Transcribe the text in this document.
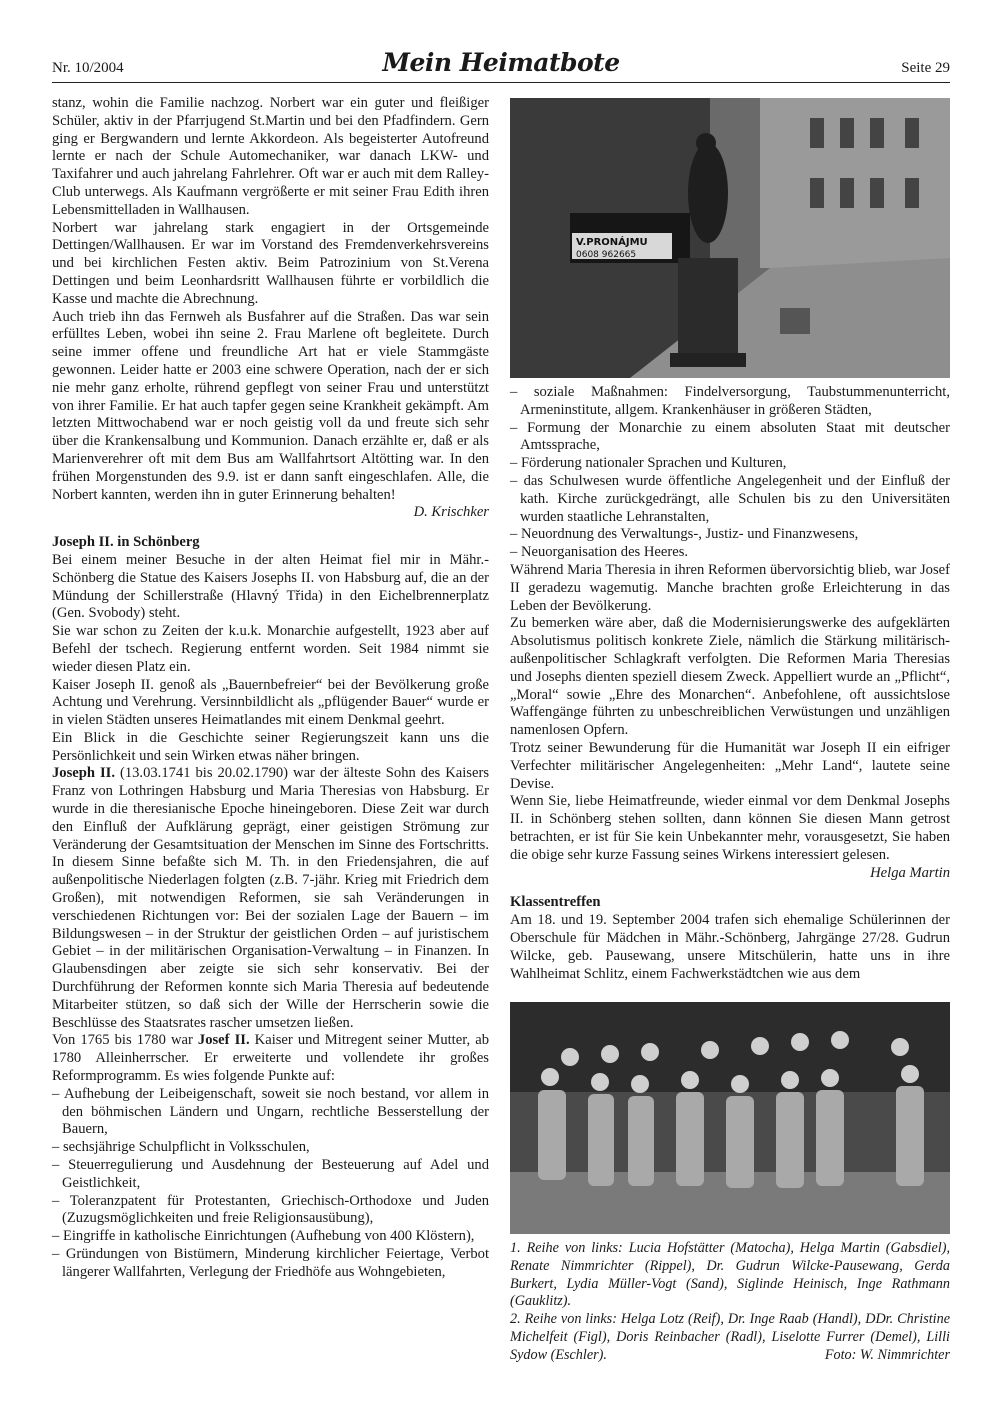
Nr. 10/2004	Mein Heimatbote	Seite 29

stanz, wohin die Familie nachzog. Norbert war ein guter und fleißiger Schüler, aktiv in der Pfarrjugend St.Martin und bei den Pfadfindern. Gern ging er Bergwandern und lernte Akkordeon. Als begeisterter Autofreund lernte er nach der Schule Automechaniker, war danach LKW- und Taxifahrer und auch jahrelang Fahrlehrer. Oft war er auch mit dem Ralley-Club unterwegs. Als Kaufmann vergrößerte er mit seiner Frau Edith ihren Lebensmittelladen in Wallhausen.

Norbert war jahrelang stark engagiert in der Ortsgemeinde Dettingen/Wallhausen. Er war im Vorstand des Fremdenverkehrsvereins und bei kirchlichen Festen aktiv. Beim Patrozinium von St.Verena Dettingen und beim Leonhardsritt Wallhausen führte er vorbildlich die Kasse und machte die Abrechnung.

Auch trieb ihn das Fernweh als Busfahrer auf die Straßen. Das war sein erfülltes Leben, wobei ihn seine 2. Frau Marlene oft begleitete. Durch seine immer offene und freundliche Art hat er viele Stammgäste gewonnen. Leider hatte er 2003 eine schwere Operation, nach der er sich nie mehr ganz erholte, rührend gepflegt von seiner Frau und unterstützt von ihrer Familie. Er hat auch tapfer gegen seine Krankheit gekämpft. Am letzten Mittwochabend war er noch geistig voll da und freute sich sehr über die Krankensalbung und Kommunion. Danach erzählte er, daß er als Marienverehrer oft mit dem Bus am Wallfahrtsort Altötting war. In den frühen Morgenstunden des 9.9. ist er dann sanft eingeschlafen. Alle, die Norbert kannten, werden ihn in guter Erinnerung behalten!

D. Krischker

Joseph II. in Schönberg

Bei einem meiner Besuche in der alten Heimat fiel mir in Mähr.-Schönberg die Statue des Kaisers Josephs II. von Habsburg auf, die an der Mündung der Schillerstraße (Hlavný Třida) in den Eichelbrennerplatz (Gen. Svobody) steht.

Sie war schon zu Zeiten der k.u.k. Monarchie aufgestellt, 1923 aber auf Befehl der tschech. Regierung entfernt worden. Seit 1984 nimmt sie wieder diesen Platz ein.

Kaiser Joseph II. genoß als „Bauernbefreier“ bei der Bevölkerung große Achtung und Verehrung. Versinnbildlicht als „pflügender Bauer“ wurde er in vielen Städten unseres Heimatlandes mit einem Denkmal geehrt.

Ein Blick in die Geschichte seiner Regierungszeit kann uns die Persönlichkeit und sein Wirken etwas näher bringen.

Joseph II. (13.03.1741 bis 20.02.1790) war der älteste Sohn des Kaisers Franz von Lothringen Habsburg und Maria Theresias von Habsburg. Er wurde in die theresianische Epoche hineingeboren. Diese Zeit war durch den Einfluß der Aufklärung geprägt, einer geistigen Strömung zur Veränderung der Gesamtsituation der Menschen im Sinne des Fortschritts. In diesem Sinne befaßte sich M. Th. in den Friedensjahren, die auf außenpolitische Niederlagen folgten (z.B. 7-jähr. Krieg mit Friedrich dem Großen), mit notwendigen Reformen, sie sah Veränderungen in verschiedenen Richtungen vor: Bei der sozialen Lage der Bauern – im Bildungswesen – in der Struktur der geistlichen Orden – auf juristischem Gebiet – in der militärischen Organisation-Verwaltung – in Finanzen. In Glaubensdingen aber zeigte sie sich sehr konservativ. Bei der Durchführung der Reformen konnte sich Maria Theresia auf bedeutende Mitarbeiter stützen, so daß sich der Wille der Herrscherin sowie die Beschlüsse des Staatsrates rascher umsetzen ließen.

Von 1765 bis 1780 war Josef II. Kaiser und Mitregent seiner Mutter, ab 1780 Alleinherrscher. Er erweiterte und vollendete ihr großes Reformprogramm. Es wies folgende Punkte auf:

– Aufhebung der Leibeigenschaft, soweit sie noch bestand, vor allem in den böhmischen Ländern und Ungarn, rechtliche Besserstellung der Bauern,

– sechsjährige Schulpflicht in Volksschulen,

– Steuerregulierung und Ausdehnung der Besteuerung auf Adel und Geistlichkeit,

– Toleranzpatent für Protestanten, Griechisch-Orthodoxe und Juden (Zuzugsmöglichkeiten und freie Religionsausübung),

– Eingriffe in katholische Einrichtungen (Aufhebung von 400 Klöstern),

– Gründungen von Bistümern, Minderung kirchlicher Feiertage, Verbot längerer Wallfahrten, Verlegung der Friedhöfe aus Wohngebieten,

V.PRONÁJMU
0608 962665

– soziale Maßnahmen: Findelversorgung, Taubstummenunterricht, Armeninstitute, allgem. Krankenhäuser in größeren Städten,

– Formung der Monarchie zu einem absoluten Staat mit deutscher Amtssprache,

– Förderung nationaler Sprachen und Kulturen,

– das Schulwesen wurde öffentliche Angelegenheit und der Einfluß der kath. Kirche zurückgedrängt, alle Schulen bis zu den Universitäten wurden staatliche Lehranstalten,

– Neuordnung des Verwaltungs-, Justiz- und Finanzwesens,

– Neuorganisation des Heeres.

Während Maria Theresia in ihren Reformen übervorsichtig blieb, war Josef II geradezu wagemutig. Manche brachten große Erleichterung in das Leben der Bevölkerung.

Zu bemerken wäre aber, daß die Modernisierungswerke des aufgeklärten Absolutismus politisch konkrete Ziele, nämlich die Stärkung militärisch-außenpolitischer Schlagkraft verfolgten. Die Reformen Maria Theresias und Josephs dienten speziell diesem Zweck. Appelliert wurde an „Pflicht“, „Moral“ sowie „Ehre des Monarchen“. Anbefohlene, oft aussichtslose Waffengänge führten zu unbeschreiblichen Verwüstungen und unzähligen namenlosen Opfern.

Trotz seiner Bewunderung für die Humanität war Joseph II ein eifriger Verfechter militärischer Angelegenheiten: „Mehr Land“, lautete seine Devise.

Wenn Sie, liebe Heimatfreunde, wieder einmal vor dem Denkmal Josephs II. in Schönberg stehen sollten, dann können Sie diesen Mann getrost betrachten, er ist für Sie kein Unbekannter mehr, vorausgesetzt, Sie haben die obige sehr kurze Fassung seines Wirkens interessiert gelesen.

Helga Martin

Klassentreffen

Am 18. und 19. September 2004 trafen sich ehemalige Schülerinnen der Oberschule für Mädchen in Mähr.-Schönberg, Jahrgänge 27/28. Gudrun Wilcke, geb. Pausewang, unsere Mitschülerin, hatte uns in ihre Wahlheimat Schlitz, einem Fachwerkstädtchen wie aus dem

1. Reihe von links: Lucia Hofstätter (Matocha), Helga Martin (Gabsdiel), Renate Nimmrichter (Rippel), Dr. Gudrun Wilcke-Pausewang, Gerda Burkert, Lydia Müller-Vogt (Sand), Siglinde Heinisch, Inge Rathmann (Gauklitz).

2. Reihe von links: Helga Lotz (Reif), Dr. Inge Raab (Handl), DDr. Christine Michelfeit (Figl), Doris Reinbacher (Radl), Liselotte Furrer (Demel), Lilli Sydow (Eschler).	Foto: W. Nimmrichter
